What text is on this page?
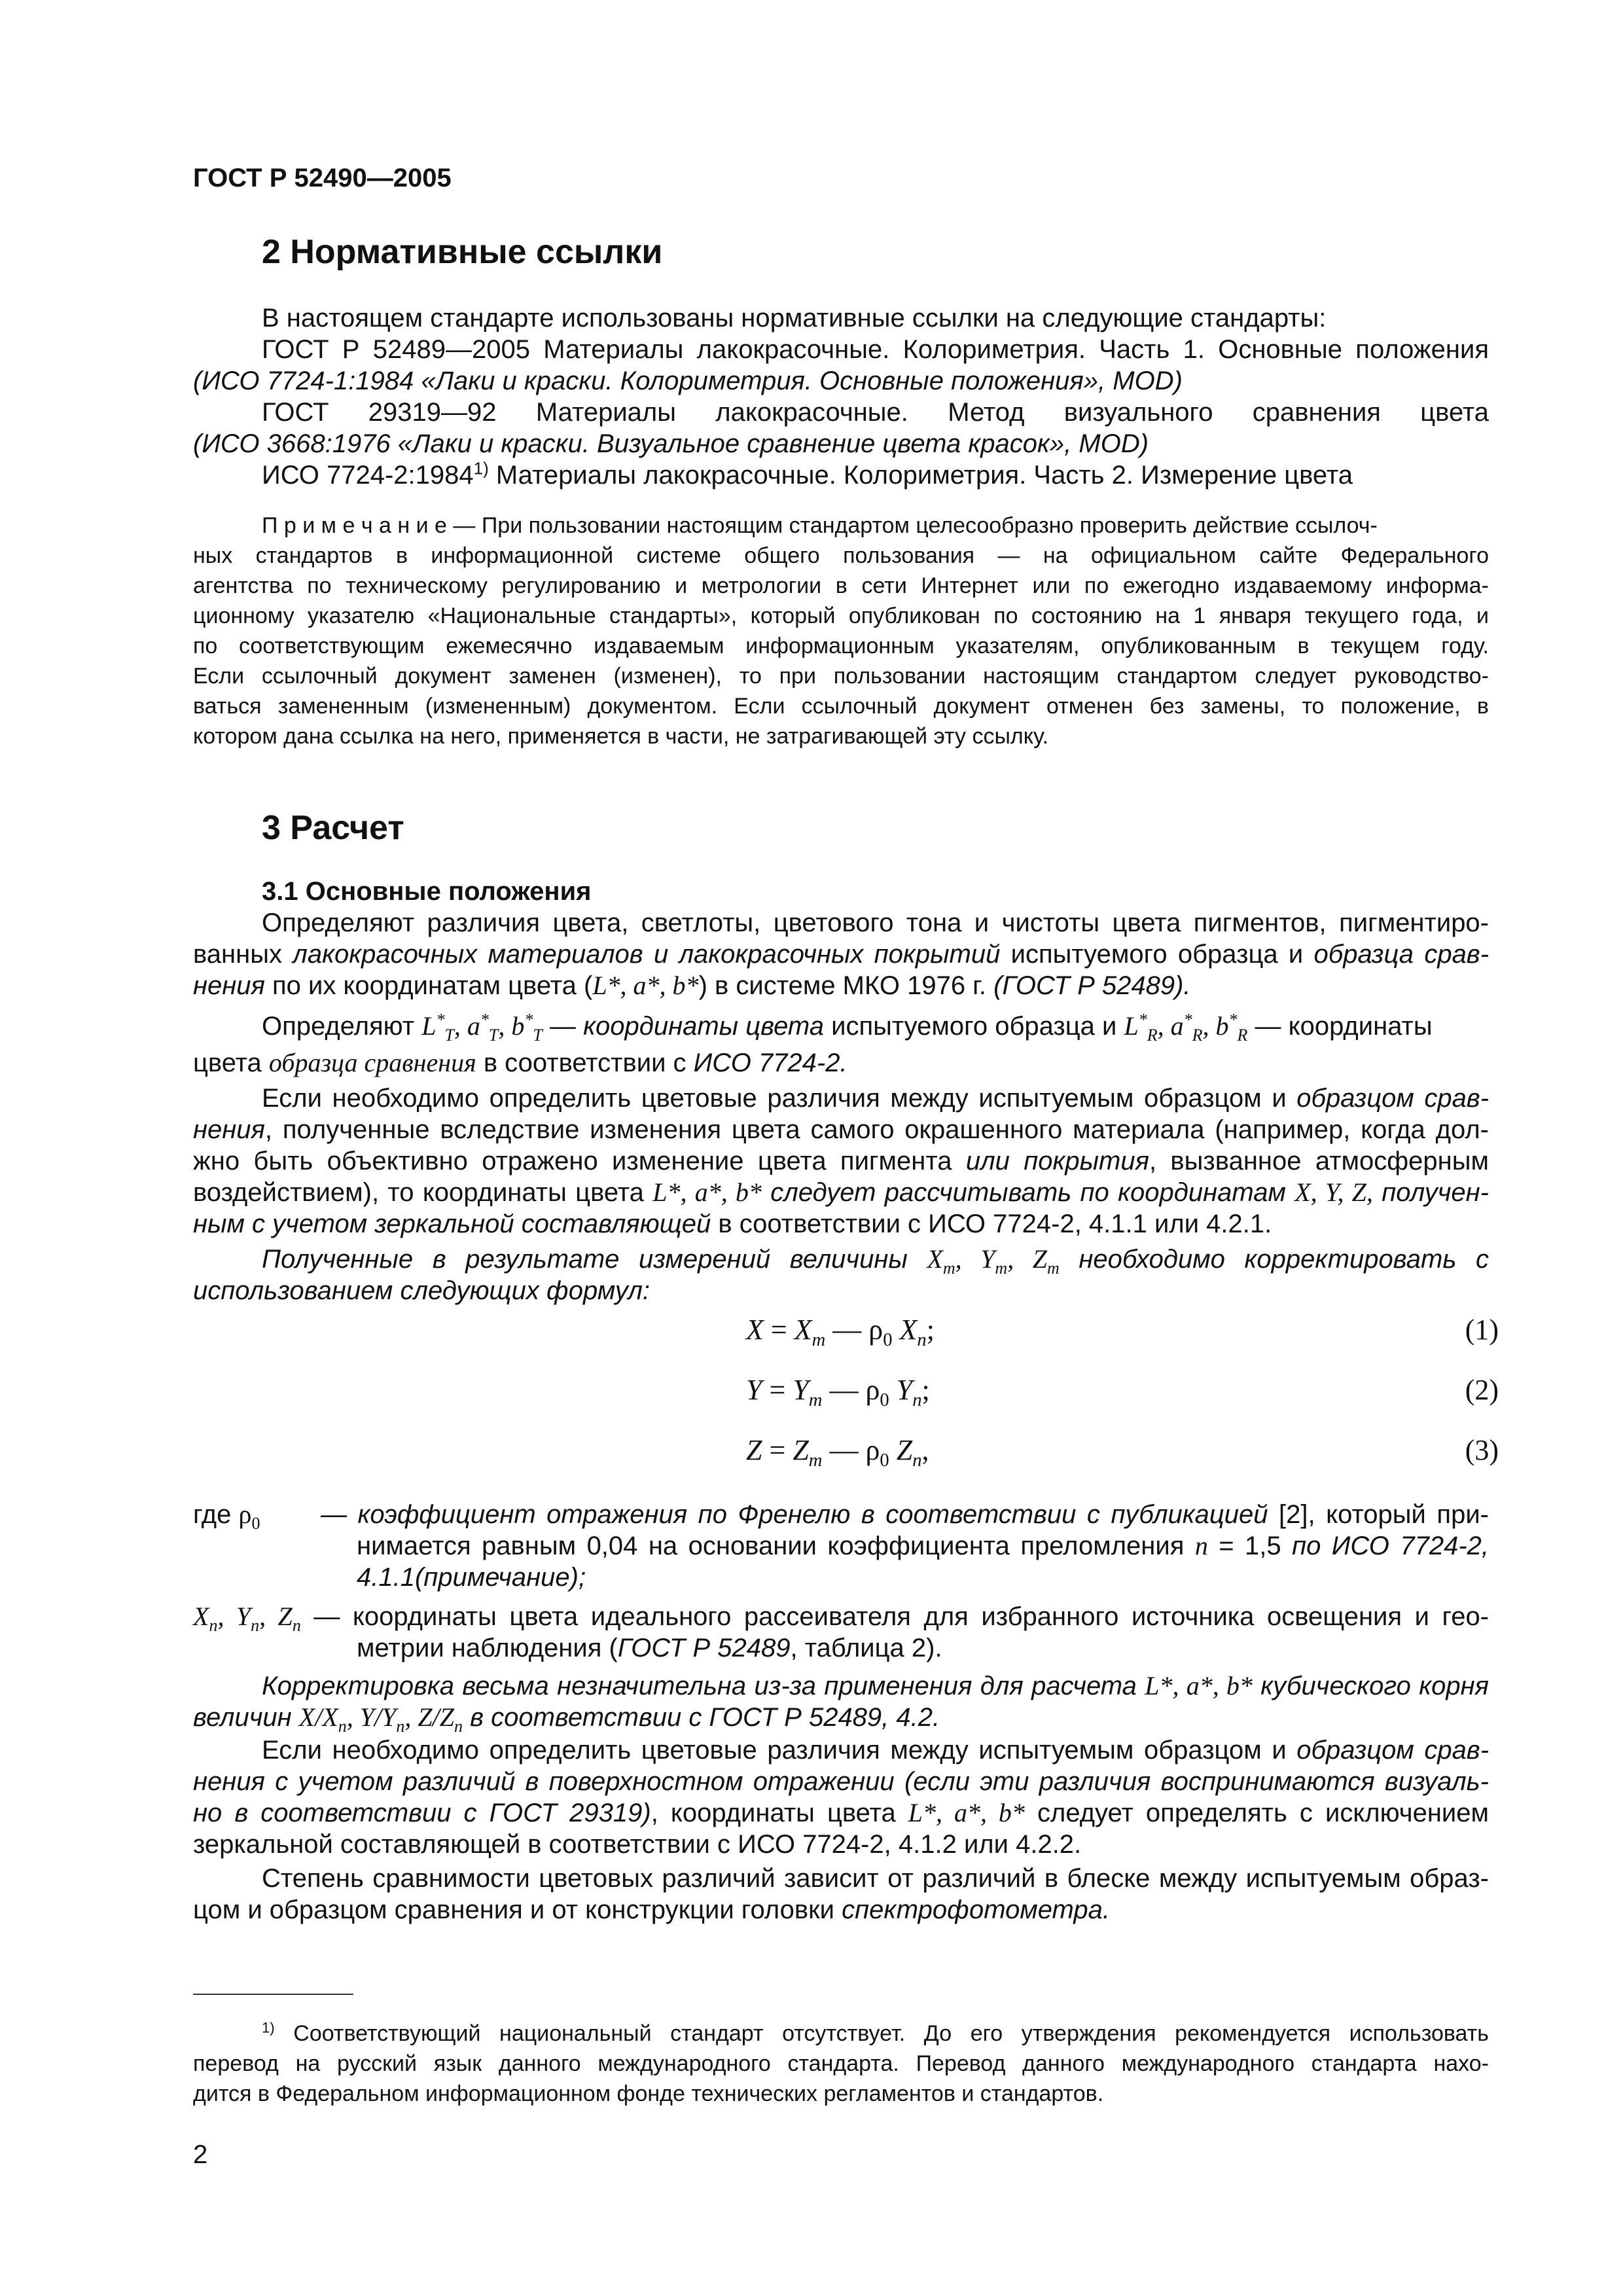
ГОСТ Р 52490—2005
2 Нормативные ссылки
В настоящем стандарте использованы нормативные ссылки на следующие стандарты:
ГОСТ Р 52489—2005 Материалы лакокрасочные. Колориметрия. Часть 1. Основные положения
(ИСО 7724-1:1984 «Лаки и краски. Колориметрия. Основные положения», MOD)
ГОСТ 29319—92 Материалы лакокрасочные. Метод визуального сравнения цвета
(ИСО 3668:1976 «Лаки и краски. Визуальное сравнение цвета красок», MOD)
ИСО 7724-2:1984$^{1)}$ Материалы лакокрасочные. Колориметрия. Часть 2. Измерение цвета
П р и м е ч а н и е — При пользовании настоящим стандартом целесообразно проверить действие ссылоч-
ных стандартов в информационной системе общего пользования — на официальном сайте Федерального
агентства по техническому регулированию и метрологии в сети Интернет или по ежегодно издаваемому информа-
ционному указателю «Национальные стандарты», который опубликован по состоянию на 1 января текущего года, и
по соответствующим ежемесячно издаваемым информационным указателям, опубликованным в текущем году.
Если ссылочный документ заменен (изменен), то при пользовании настоящим стандартом следует руководство-
ваться замененным (измененным) документом. Если ссылочный документ отменен без замены, то положение, в
котором дана ссылка на него, применяется в части, не затрагивающей эту ссылку.
3 Расчет
3.1 Основные положения
Определяют различия цвета, светлоты, цветового тона и чистоты цвета пигментов, пигментиро-
ванных лакокрасочных материалов и лакокрасочных покрытий испытуемого образца и образца срав-
нения по их координатам цвета (L*, a*, b*) в системе МКО 1976 г. (ГОСТ Р 52489).
Определяют $L^*_T$, $a^*_T$, $b^*_T$ — координаты цвета испытуемого образца и $L^*_R$, $a^*_R$, $b^*_R$ — координаты
цвета образца сравнения в соответствии с ИСО 7724-2.
Если необходимо определить цветовые различия между испытуемым образцом и образцом срав-
нения, полученные вследствие изменения цвета самого окрашенного материала (например, когда дол-
жно быть объективно отражено изменение цвета пигмента или покрытия, вызванное атмосферным
воздействием), то координаты цвета L*, a*, b* следует рассчитывать по координатам X, Y, Z, получен-
ным с учетом зеркальной составляющей в соответствии с ИСО 7724-2, 4.1.1 или 4.2.1.
Полученные в результате измерений величины $X_m$, $Y_m$, $Z_m$ необходимо корректировать с
использованием следующих формул:
$X = X_m$ — $\rho_0$ $X_n$;	(1)
$Y = Y_m$ — $\rho_0$ $Y_n$;	(2)
$Z = Z_m$ — $\rho_0$ $Z_n$,	(3)
где $\rho_0$ — коэффициент отражения по Френелю в соответствии с публикацией [2], который при-
нимается равным 0,04 на основании коэффициента преломления n = 1,5 по ИСО 7724-2,
4.1.1(примечание);
$X_n$, $Y_n$, $Z_n$ — координаты цвета идеального рассеивателя для избранного источника освещения и гео-
метрии наблюдения (ГОСТ Р 52489, таблица 2).
Корректировка весьма незначительна из-за применения для расчета L*, a*, b* кубического корня
величин $X/X_n$, $Y/Y_n$, $Z/Z_n$ в соответствии с ГОСТ Р 52489, 4.2.
Если необходимо определить цветовые различия между испытуемым образцом и образцом срав-
нения с учетом различий в поверхностном отражении (если эти различия воспринимаются визуаль-
но в соответствии с ГОСТ 29319), координаты цвета L*, a*, b* следует определять с исключением
зеркальной составляющей в соответствии с ИСО 7724-2, 4.1.2 или 4.2.2.
Степень сравнимости цветовых различий зависит от различий в блеске между испытуемым образ-
цом и образцом сравнения и от конструкции головки спектрофотометра.
$^{1)}$ Соответствующий национальный стандарт отсутствует. До его утверждения рекомендуется использовать
перевод на русский язык данного международного стандарта. Перевод данного международного стандарта нахо-
дится в Федеральном информационном фонде технических регламентов и стандартов.
2
